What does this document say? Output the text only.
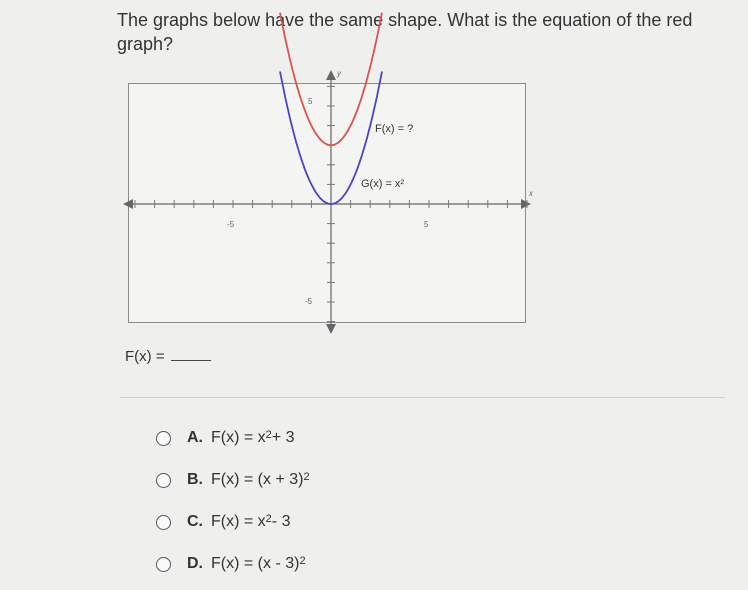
The graphs below have the same shape. What is the equation of the red graph?
-5	5
5
-5
y
x
F(x) = ?
G(x) = x²
F(x) =
A. F(x) = x 2 + 3
B. F(x) = (x + 3) 2
C. F(x) = x 2 - 3
D. F(x) = (x - 3) 2
